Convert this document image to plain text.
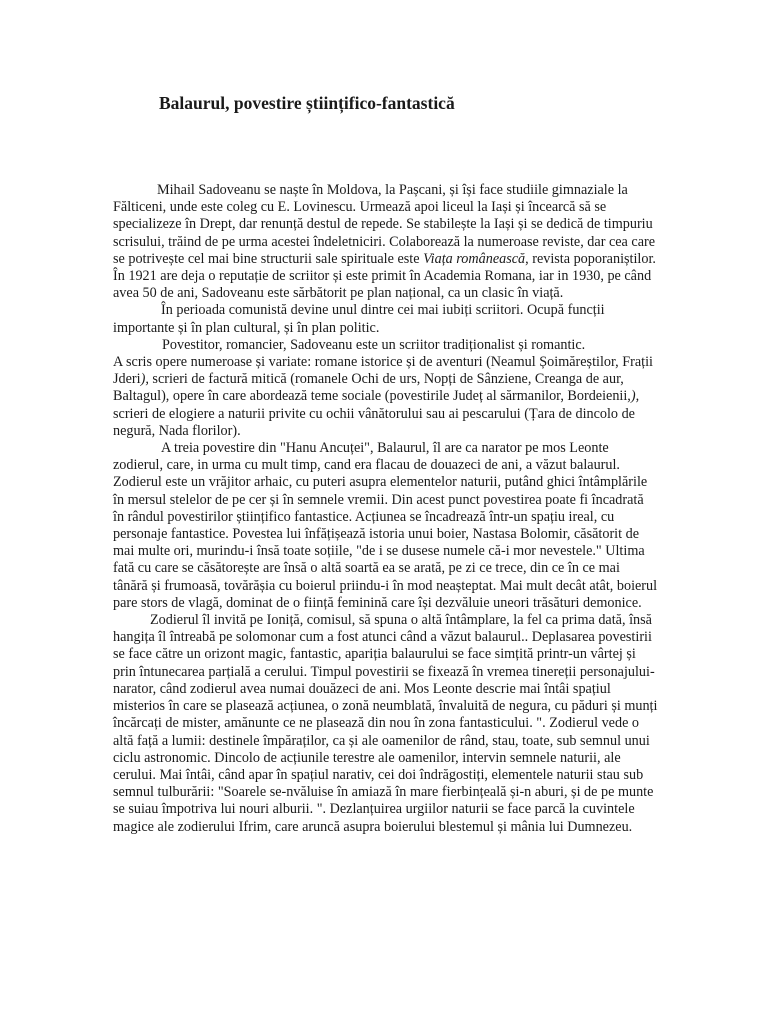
Balaurul, povestire științifico-fantastică

Mihail Sadoveanu se naște în Moldova, la Pașcani, și își face studiile gimnaziale la Fălticeni, unde este coleg cu E. Lovinescu. Urmează apoi liceul la Iași și încearcă să se specializeze în Drept, dar renunță destul de repede. Se stabilește la Iași și se dedică de timpuriu scrisului, trăind de pe urma acestei îndeletniciri. Colaborează la numeroase reviste, dar cea care se potrivește cel mai bine structurii sale spirituale este Viața românească, revista poporaniștilor. În 1921 are deja o reputație de scriitor și este primit în Academia Romana, iar in 1930, pe când avea 50 de ani, Sadoveanu este sărbătorit pe plan național, ca un clasic în viață.

În perioada comunistă devine unul dintre cei mai iubiți scriitori. Ocupă funcții importante și în plan cultural, și în plan politic.

Povestitor, romancier, Sadoveanu este un scriitor tradiționalist și romantic.

A scris opere numeroase și variate: romane istorice și de aventuri (Neamul Șoimăreștilor, Frații Jderi), scrieri de factură mitică (romanele Ochi de urs, Nopți de Sânziene, Creanga de aur, Baltagul), opere în care abordează teme sociale (povestirile Județ al sărmanilor, Bordeienii,), scrieri de elogiere a naturii privite cu ochii vânătorului sau ai pescarului (Țara de dincolo de negură, Nada florilor).

A treia povestire din "Hanu Ancuței", Balaurul, îl are ca narator pe mos Leonte zodierul, care, in urma cu mult timp, cand era flacau de douazeci de ani, a văzut balaurul. Zodierul este un vrăjitor arhaic, cu puteri asupra elementelor naturii, putând ghici întâmplările în mersul stelelor de pe cer și în semnele vremii. Din acest punct povestirea poate fi încadrată în rândul povestirilor științifico fantastice. Acțiunea se încadrează într-un spațiu ireal, cu personaje fantastice. Povestea lui înfățișează istoria unui boier, Nastasa Bolomir, căsătorit de mai multe ori, murindu-i însă toate soțiile, "de i se dusese numele că-i mor nevestele." Ultima fată cu care se căsătorește are însă o altă soartă ea se arată, pe zi ce trece, din ce în ce mai tânără și frumoasă, tovărășia cu boierul priindu-i în mod neașteptat. Mai mult decât atât, boierul pare stors de vlagă, dominat de o ființă feminină care își dezvăluie uneori trăsături demonice.

Zodierul îl invită pe Ioniță, comisul, să spuna o altă întâmplare, la fel ca prima dată, însă hangița îl întreabă pe solomonar cum a fost atunci când a văzut balaurul.. Deplasarea povestirii se face către un orizont magic, fantastic, apariția balaurului se face simțită printr-un vârtej și prin întunecarea parțială a cerului. Timpul povestirii se fixează în vremea tinereții personajului-narator, când zodierul avea numai douăzeci de ani. Mos Leonte descrie mai întâi spațiul misterios în care se plasează acțiunea, o zonă neumblată, învaluită de negura, cu păduri și munți încărcați de mister, amănunte ce ne plasează din nou în zona fantasticului. ". Zodierul vede o altă față a lumii: destinele împăraților, ca și ale oamenilor de rând, stau, toate, sub semnul unui ciclu astronomic. Dincolo de acțiunile terestre ale oamenilor, intervin semnele naturii, ale cerului. Mai întâi, când apar în spațiul narativ, cei doi îndrăgostiți, elementele naturii stau sub semnul tulburării: "Soarele se-nvăluise în amiază în mare fierbințeală și-n aburi, și de pe munte se suiau împotriva lui nouri alburii. ". Dezlanțuirea urgiilor naturii se face parcă la cuvintele magice ale zodierului Ifrim, care aruncă asupra boierului blestemul și mânia lui Dumnezeu.
